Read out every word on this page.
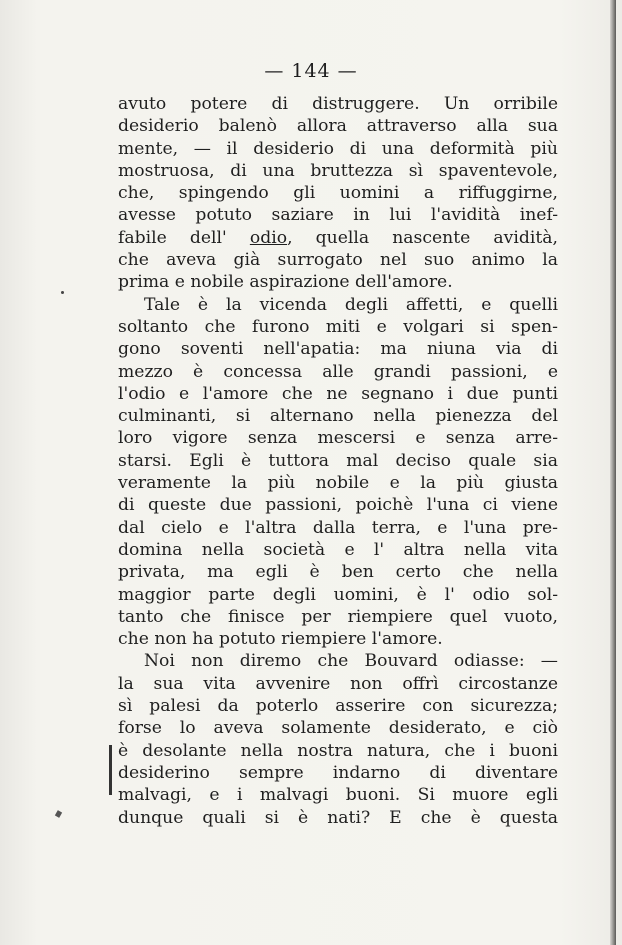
— 144 —
avuto potere di distruggere. Un orribile
desiderio balenò allora attraverso alla sua
mente, — il desiderio di una deformità più
mostruosa, di una bruttezza sì spaventevole,
che, spingendo gli uomini a riffuggirne,
avesse potuto saziare in lui l'avidità inef-
fabile dell' odio, quella nascente avidità,
che aveva già surrogato nel suo animo la
prima e nobile aspirazione dell'amore.
Tale è la vicenda degli affetti, e quelli
soltanto che furono miti e volgari si spen-
gono soventi nell'apatia: ma niuna via di
mezzo è concessa alle grandi passioni, e
l'odio e l'amore che ne segnano i due punti
culminanti, si alternano nella pienezza del
loro vigore senza mescersi e senza arre-
starsi. Egli è tuttora mal deciso quale sia
veramente la più nobile e la più giusta
di queste due passioni, poichè l'una ci viene
dal cielo e l'altra dalla terra, e l'una pre-
domina nella società e l' altra nella vita
privata, ma egli è ben certo che nella
maggior parte degli uomini, è l' odio sol-
tanto che finisce per riempiere quel vuoto,
che non ha potuto riempiere l'amore.
Noi non diremo che Bouvard odiasse: —
la sua vita avvenire non offrì circostanze
sì palesi da poterlo asserire con sicurezza;
forse lo aveva solamente desiderato, e ciò
è desolante nella nostra natura, che i buoni
desiderino sempre indarno di diventare
malvagi, e i malvagi buoni. Si muore egli
dunque quali si è nati? E che è questa
